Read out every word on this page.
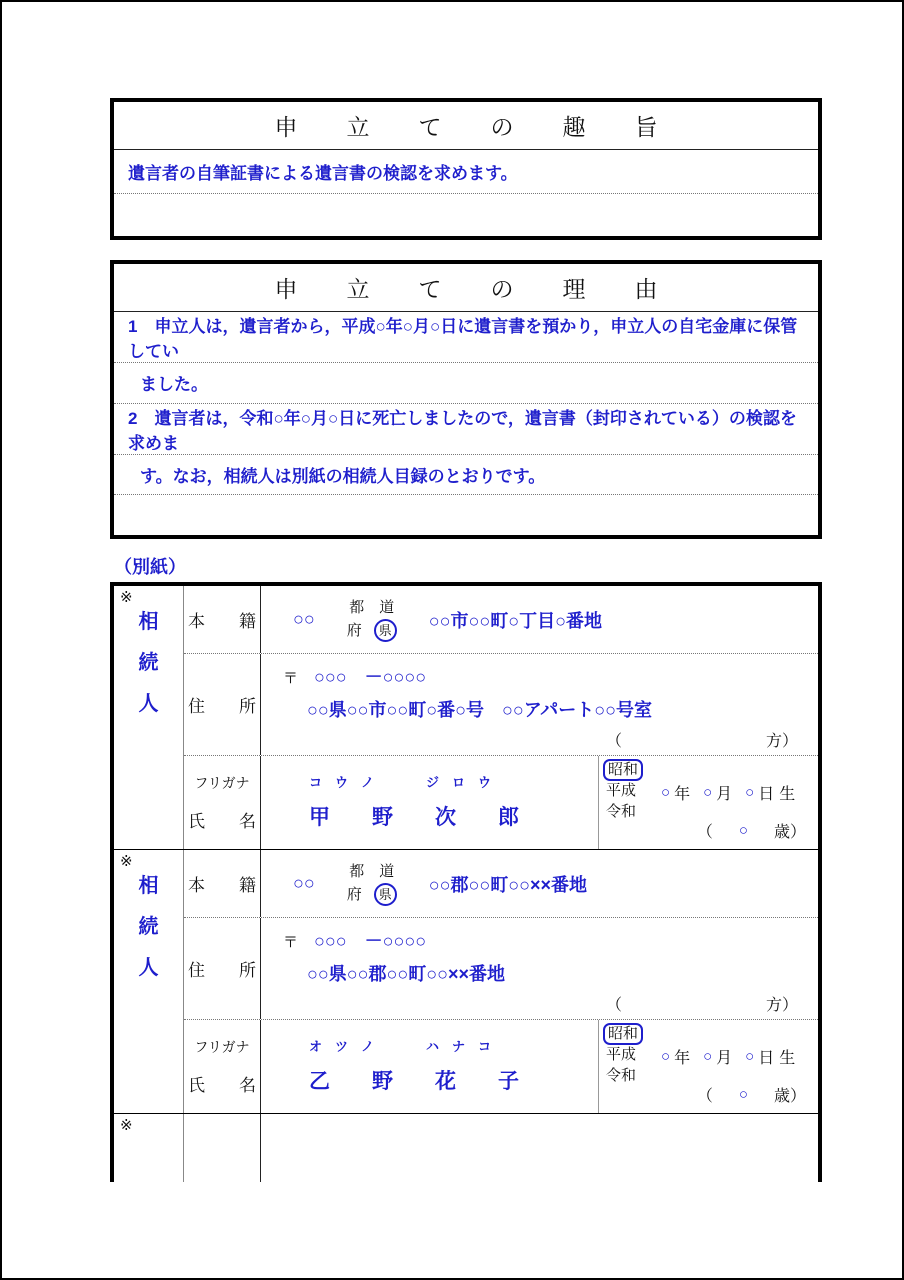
申　立　て　の　趣　旨
遺言者の自筆証書による遺言書の検認を求めます。
申　立　て　の　理　由
1　申立人は，遺言者から，平成○年○月○日に遺言書を預かり，申立人の自宅金庫に保管してい
ました。
2　遺言者は，令和○年○月○日に死亡しましたので，遺言書（封印されている）の検認を求めま
す。なお，相続人は別紙の相続人目録のとおりです。
（別紙）
※
相
続
人
本　　籍 ○○
都　道
府 県 ○○市○○町○丁目○番地
住　　所
〒 ○○○　－○○○○
○○県○○市○○町○番○号　○○アパート○○号室
（　　　　　　　　　方）
フリガナ
氏　　名
コ　ウ　ノ　　　　ジ　ロ　ウ
甲　　野　　次　　郎
昭和
平成
令和
○ 年 ○ 月 ○ 日 生
（ ○ 歳）
※
相
続
人
本　　籍 ○○
都　道
府 県 ○○郡○○町○○××番地
住　　所
〒 ○○○　－○○○○
○○県○○郡○○町○○××番地
（　　　　　　　　　方）
フリガナ
氏　　名
オ　ツ　ノ　　　　ハ　ナ　コ
乙　　野　　花　　子
昭和
平成
令和
○ 年 ○ 月 ○ 日 生
（ ○ 歳）
※
